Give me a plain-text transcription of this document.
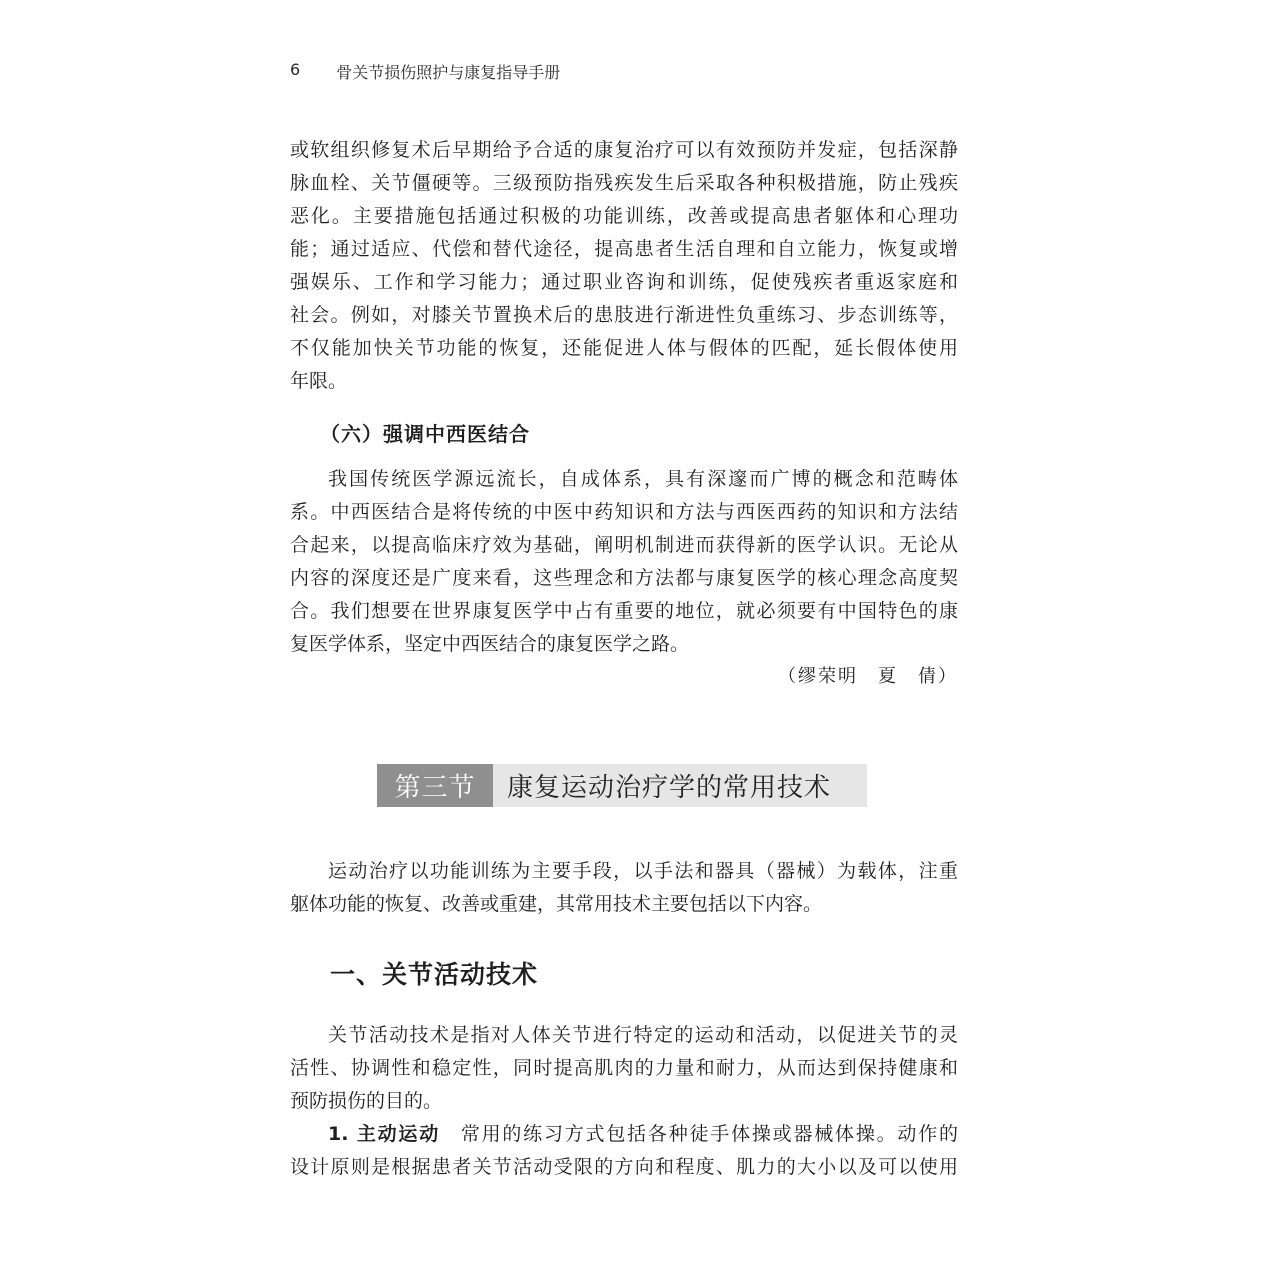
6 骨关节损伤照护与康复指导手册
或软组织修复术后早期给予合适的康复治疗可以有效预防并发症，包括深静
脉血栓、关节僵硬等。三级预防指残疾发生后采取各种积极措施，防止残疾
恶化。主要措施包括通过积极的功能训练，改善或提高患者躯体和心理功
能；通过适应、代偿和替代途径，提高患者生活自理和自立能力，恢复或增
强娱乐、工作和学习能力；通过职业咨询和训练，促使残疾者重返家庭和
社会。例如，对膝关节置换术后的患肢进行渐进性负重练习、步态训练等，
不仅能加快关节功能的恢复，还能促进人体与假体的匹配，延长假体使用
年限。
（六）强调中西医结合
我国传统医学源远流长，自成体系，具有深邃而广博的概念和范畴体
系。中西医结合是将传统的中医中药知识和方法与西医西药的知识和方法结
合起来，以提高临床疗效为基础，阐明机制进而获得新的医学认识。无论从
内容的深度还是广度来看，这些理念和方法都与康复医学的核心理念高度契
合。我们想要在世界康复医学中占有重要的地位，就必须要有中国特色的康
复医学体系，坚定中西医结合的康复医学之路。
（缪荣明　夏　倩）
第三节	康复运动治疗学的常用技术
运动治疗以功能训练为主要手段，以手法和器具（器械）为载体，注重
躯体功能的恢复、改善或重建，其常用技术主要包括以下内容。
一、关节活动技术
关节活动技术是指对人体关节进行特定的运动和活动，以促进关节的灵
活性、协调性和稳定性，同时提高肌肉的力量和耐力，从而达到保持健康和
预防损伤的目的。
1. 主动运动　 常用的练习方式包括各种徒手体操或器械体操。动作的
设计原则是根据患者关节活动受限的方向和程度、肌力的大小以及可以使用
